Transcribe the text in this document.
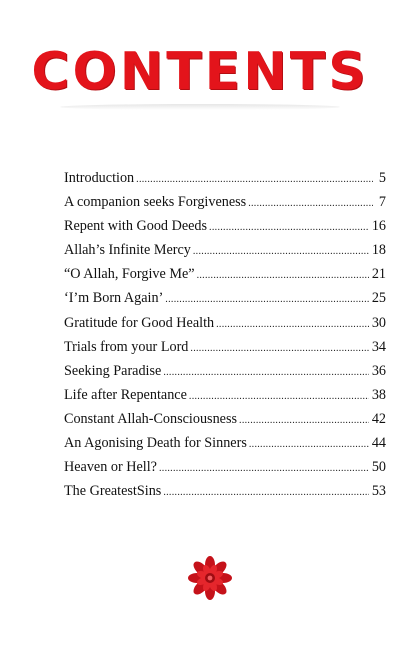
CONTENTS
Introduction .....	5
A companion seeks Forgiveness .....	7
Repent with Good Deeds .....	16
Allah’s Infinite Mercy .....	18
“O Allah, Forgive Me” .....	21
‘I’m Born Again’ .....	25
Gratitude for Good Health .....	30
Trials from your Lord .....	34
Seeking Paradise .....	36
Life after Repentance .....	38
Constant Allah-Consciousness .....	42
An Agonising Death for Sinners .....	44
Heaven or Hell? .....	50
The GreatestSins .....	53
